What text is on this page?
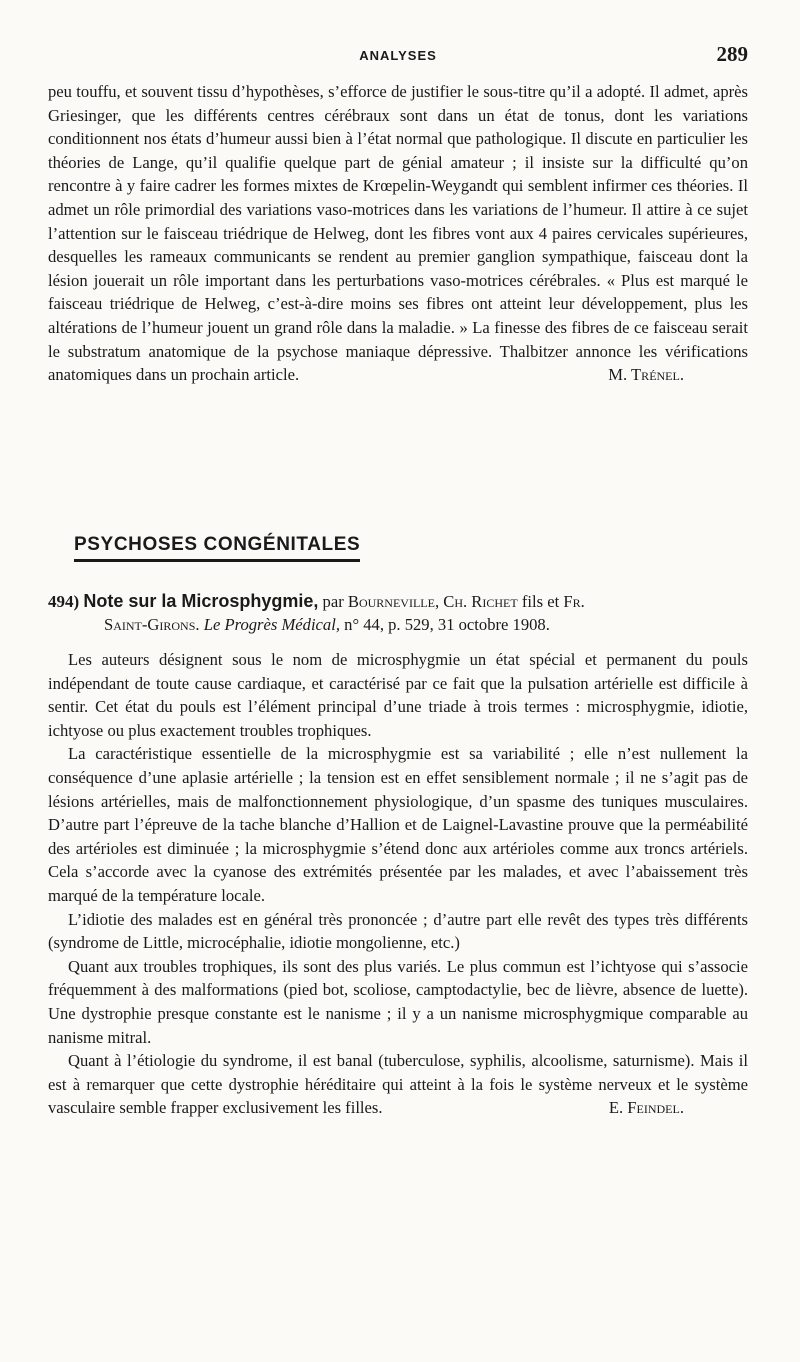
ANALYSES	289

peu touffu, et souvent tissu d’hypothèses, s’efforce de justifier le sous-titre qu’il a adopté. Il admet, après Griesinger, que les différents centres cérébraux sont dans un état de tonus, dont les variations conditionnent nos états d’humeur aussi bien à l’état normal que pathologique. Il discute en particulier les théories de Lange, qu’il qualifie quelque part de génial amateur ; il insiste sur la difficulté qu’on rencontre à y faire cadrer les formes mixtes de Krœpelin-Weygandt qui semblent infirmer ces théories. Il admet un rôle primordial des variations vaso-motrices dans les variations de l’humeur. Il attire à ce sujet l’attention sur le faisceau triédrique de Helweg, dont les fibres vont aux 4 paires cervicales supérieures, desquelles les rameaux communicants se rendent au premier ganglion sympathique, faisceau dont la lésion jouerait un rôle important dans les perturbations vaso-motrices cérébrales. « Plus est marqué le faisceau triédrique de Helweg, c’est-à-dire moins ses fibres ont atteint leur développement, plus les altérations de l’humeur jouent un grand rôle dans la maladie. » La finesse des fibres de ce faisceau serait le substratum anatomique de la psychose maniaque dépressive. Thalbitzer annonce les vérifications anatomiques dans un prochain article.	M. Trénel.

PSYCHOSES CONGÉNITALES
494) Note sur la Microsphygmie, par Bourneville, Ch. Richet fils et Fr.
Saint-Girons. Le Progrès Médical, n° 44, p. 529, 31 octobre 1908.

Les auteurs désignent sous le nom de microsphygmie un état spécial et permanent du pouls indépendant de toute cause cardiaque, et caractérisé par ce fait que la pulsation artérielle est difficile à sentir. Cet état du pouls est l’élément principal d’une triade à trois termes : microsphygmie, idiotie, ichtyose ou plus exactement troubles trophiques.

La caractéristique essentielle de la microsphygmie est sa variabilité ; elle n’est nullement la conséquence d’une aplasie artérielle ; la tension est en effet sensiblement normale ; il ne s’agit pas de lésions artérielles, mais de malfonctionnement physiologique, d’un spasme des tuniques musculaires. D’autre part l’épreuve de la tache blanche d’Hallion et de Laignel-Lavastine prouve que la perméabilité des artérioles est diminuée ; la microsphygmie s’étend donc aux artérioles comme aux troncs artériels. Cela s’accorde avec la cyanose des extrémités présentée par les malades, et avec l’abaissement très marqué de la température locale.

L’idiotie des malades est en général très prononcée ; d’autre part elle revêt des types très différents (syndrome de Little, microcéphalie, idiotie mongolienne, etc.)

Quant aux troubles trophiques, ils sont des plus variés. Le plus commun est l’ichtyose qui s’associe fréquemment à des malformations (pied bot, scoliose, camptodactylie, bec de lièvre, absence de luette). Une dystrophie presque constante est le nanisme ; il y a un nanisme microsphygmique comparable au nanisme mitral.

Quant à l’étiologie du syndrome, il est banal (tuberculose, syphilis, alcoolisme, saturnisme). Mais il est à remarquer que cette dystrophie héréditaire qui atteint à la fois le système nerveux et le système vasculaire semble frapper exclusivement les filles.	E. Feindel.
